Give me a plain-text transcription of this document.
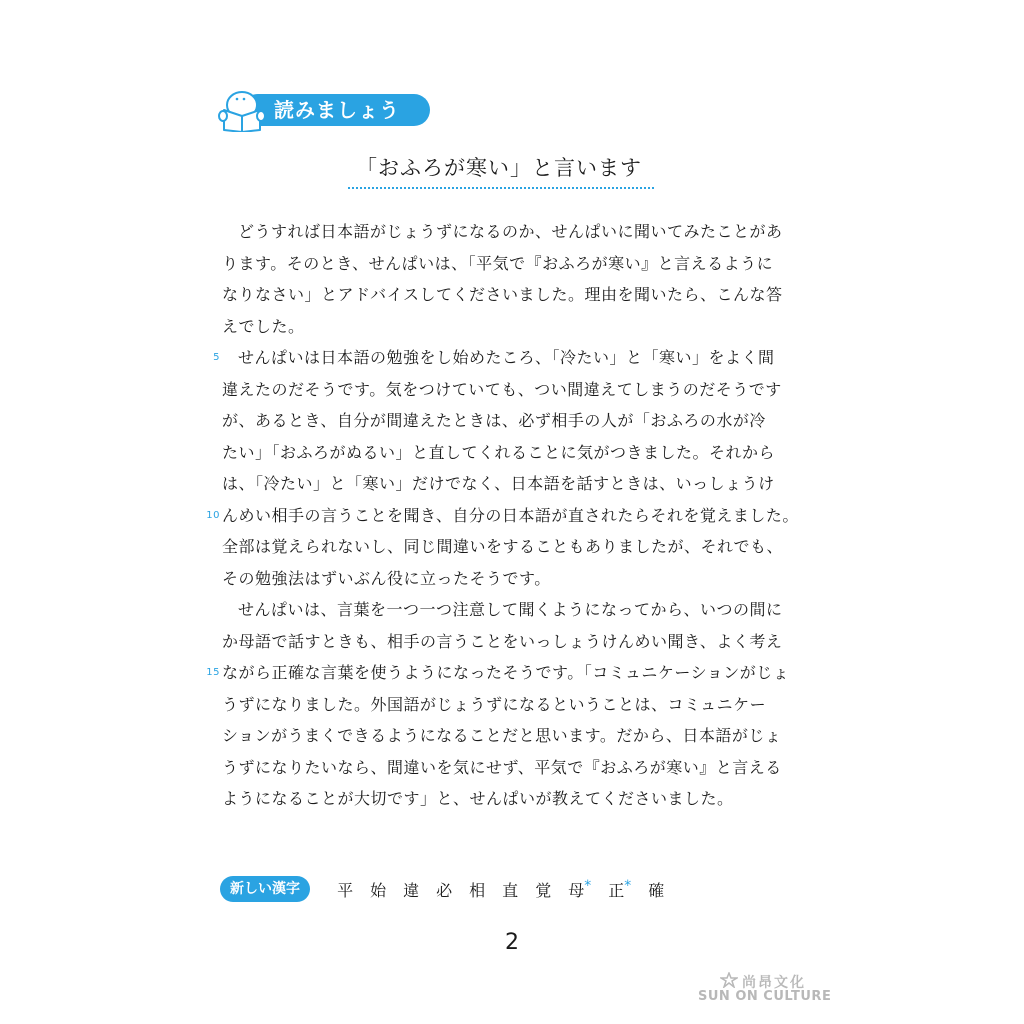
読みましょう
「おふろが寒い」と言います
どうすれば日本語がじょうずになるのか、せんぱいに聞いてみたことがあ
ります。そのとき、せんぱいは、「平気で『おふろが寒い』と言えるように
なりなさい」とアドバイスしてくださいました。理由を聞いたら、こんな答
えでした。
5 せんぱいは日本語の勉強をし始めたころ、「冷たい」と「寒い」をよく間
違えたのだそうです。気をつけていても、つい間違えてしまうのだそうです
が、あるとき、自分が間違えたときは、必ず相手の人が「おふろの水が冷
たい」「おふろがぬるい」と直してくれることに気がつきました。それから
は、「冷たい」と「寒い」だけでなく、日本語を話すときは、いっしょうけ
10 んめい相手の言うことを聞き、自分の日本語が直されたらそれを覚えました。
全部は覚えられないし、同じ間違いをすることもありましたが、それでも、
その勉強法はずいぶん役に立ったそうです。
せんぱいは、言葉を一つ一つ注意して聞くようになってから、いつの間に
か母語で話すときも、相手の言うことをいっしょうけんめい聞き、よく考え
15 ながら正確な言葉を使うようになったそうです。「コミュニケーションがじょ
うずになりました。外国語がじょうずになるということは、コミュニケー
ションがうまくできるようになることだと思います。だから、日本語がじょ
うずになりたいなら、間違いを気にせず、平気で『おふろが寒い』と言える
ようになることが大切です」と、せんぱいが教えてくださいました。
新しい漢字 平 始 違 必 相 直 覚 母* 正* 確
2
尚昂文化
SUN ON CULTURE
